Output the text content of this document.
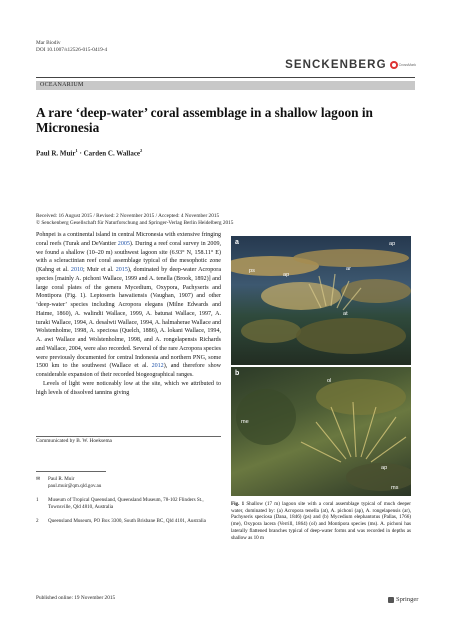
Mar Biodiv
DOI 10.1007/s12526-015-0419-4
SENCKENBERG	CrossMark
OCEANARIUM
A rare ‘deep-water’ coral assemblage in a shallow lagoon in Micronesia
Paul R. Muir$^1$ · Carden C. Wallace$^2$
Received: 16 August 2015 / Revised: 2 November 2015 / Accepted: 4 November 2015
© Senckenberg Gesellschaft für Naturforschung and Springer-Verlag Berlin Heidelberg 2015

Pohnpei is a continental island in central Micronesia with extensive fringing coral reefs (Turak and DeVantier 2005). During a reef coral survey in 2009, we found a shallow (10–20 m) southwest lagoon site (6.93° N, 158.11° E) with a scleractinian reef coral assemblage typical of the mesophotic zone (Kahng et al. 2010; Muir et al. 2015), dominated by deep-water Acropora species [mainly A. pichoni Wallace, 1999 and A. tenella (Brook, 1892)] and large coral plates of the genera Mycedium, Oxypora, Pachyseris and Montipora (Fig. 1). Leptoseris hawaiiensis (Vaughan, 1907) and other ‘deep-water’ species including Acropora elegans (Milne Edwards and Haime, 1860), A. walindii Wallace, 1999, A. batunai Wallace, 1997, A. turaki Wallace, 1994, A. desalwii Wallace, 1994, A. halmaherae Wallace and Wolstenholme, 1998, A. speciosa (Quelch, 1886), A. lokani Wallace, 1994, A. awi Wallace and Wolstenholme, 1998, and A. rongelapensis Richards and Wallace, 2004, were also recorded. Several of the rare Acropora species were previously documented for central Indonesia and northern PNG, some 1500 km to the southwest (Wallace et al. 2012), and therefore show considerable expansion of their recorded biogeographical ranges.

Levels of light were noticeably low at the site, which we attributed to high levels of dissolved tannins giving

Communicated by B. W. Hoeksema
✉ Paul R. Muir
paul.muir@qm.qld.gov.au
1	Museum of Tropical Queensland, Queensland Museum, 78-102 Flinders St., Townsville, Qld 4810, Australia
2	Queensland Museum, PO Box 3300, South Brisbane BC, Qld 4101, Australia
Published online: 19 November 2015	Springer
a	ap
ps	ar
ap
at
b
ol
me
ap
ms
Fig. 1 Shallow (17 m) lagoon site with a coral assemblage typical of much deeper water, dominated by: (a) Acropora tenella (at), A. pichoni (ap), A. rongelapensis (ar), Pachyseris speciosa (Dana, 1846) (ps) and (b) Mycedium elephantotus (Pallas, 1766) (me), Oxypora lacera (Verrill, 1864) (ol) and Montipora species (ms). A. pichoni has laterally flattened branches typical of deep-water forms and was recorded in depths as shallow as 10 m
